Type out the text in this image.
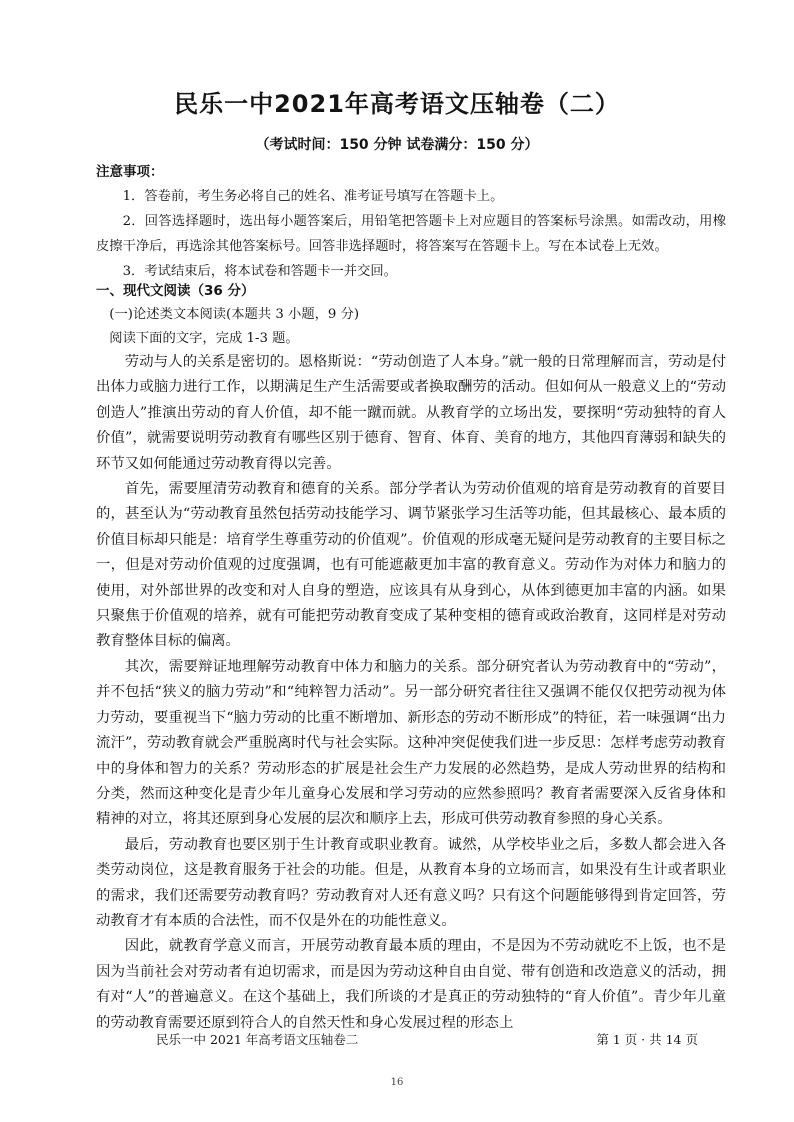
民乐一中2021年高考语文压轴卷（二）
（考试时间：150 分钟 试卷满分：150 分）
注意事项：

1．答卷前，考生务必将自己的姓名、准考证号填写在答题卡上。

2．回答选择题时，选出每小题答案后，用铅笔把答题卡上对应题目的答案标号涂黑。如需改动，用橡皮擦干净后，再选涂其他答案标号。回答非选择题时，将答案写在答题卡上。写在本试卷上无效。

3．考试结束后，将本试卷和答题卡一并交回。

一、现代文阅读（36 分）
(一)论述类文本阅读(本题共 3 小题，9 分)
阅读下面的文字，完成 1-3 题。

劳动与人的关系是密切的。恩格斯说：“劳动创造了人本身。”就一般的日常理解而言，劳动是付出体力或脑力进行工作，以期满足生产生活需要或者换取酬劳的活动。但如何从一般意义上的“劳动创造人”推演出劳动的育人价值，却不能一蹴而就。从教育学的立场出发，要探明“劳动独特的育人价值”，就需要说明劳动教育有哪些区别于德育、智育、体育、美育的地方，其他四育薄弱和缺失的环节又如何能通过劳动教育得以完善。

首先，需要厘清劳动教育和德育的关系。部分学者认为劳动价值观的培育是劳动教育的首要目的，甚至认为“劳动教育虽然包括劳动技能学习、调节紧张学习生活等功能，但其最核心、最本质的价值目标却只能是：培育学生尊重劳动的价值观”。价值观的形成毫无疑问是劳动教育的主要目标之一，但是对劳动价值观的过度强调，也有可能遮蔽更加丰富的教育意义。劳动作为对体力和脑力的使用，对外部世界的改变和对人自身的塑造，应该具有从身到心，从体到德更加丰富的内涵。如果只聚焦于价值观的培养，就有可能把劳动教育变成了某种变相的德育或政治教育，这同样是对劳动教育整体目标的偏离。

其次，需要辩证地理解劳动教育中体力和脑力的关系。部分研究者认为劳动教育中的“劳动”，并不包括“狭义的脑力劳动”和“纯粹智力活动”。另一部分研究者往往又强调不能仅仅把劳动视为体力劳动，要重视当下“脑力劳动的比重不断增加、新形态的劳动不断形成”的特征，若一味强调“出力流汗”，劳动教育就会严重脱离时代与社会实际。这种冲突促使我们进一步反思：怎样考虑劳动教育中的身体和智力的关系？劳动形态的扩展是社会生产力发展的必然趋势，是成人劳动世界的结构和分类，然而这种变化是青少年儿童身心发展和学习劳动的应然参照吗？教育者需要深入反省身体和精神的对立，将其还原到身心发展的层次和顺序上去，形成可供劳动教育参照的身心关系。

最后，劳动教育也要区别于生计教育或职业教育。诚然，从学校毕业之后，多数人都会进入各类劳动岗位，这是教育服务于社会的功能。但是，从教育本身的立场而言，如果没有生计或者职业的需求，我们还需要劳动教育吗？劳动教育对人还有意义吗？只有这个问题能够得到肯定回答，劳动教育才有本质的合法性，而不仅是外在的功能性意义。

因此，就教育学意义而言，开展劳动教育最本质的理由，不是因为不劳动就吃不上饭，也不是因为当前社会对劳动者有迫切需求，而是因为劳动这种自由自觉、带有创造和改造意义的活动，拥有对“人”的普遍意义。在这个基础上，我们所谈的才是真正的劳动独特的“育人价值”。青少年儿童的劳动教育需要还原到符合人的自然天性和身心发展过程的形态上

民乐一中 2021 年高考语文压轴卷二	第 1 页 · 共 14 页
16
